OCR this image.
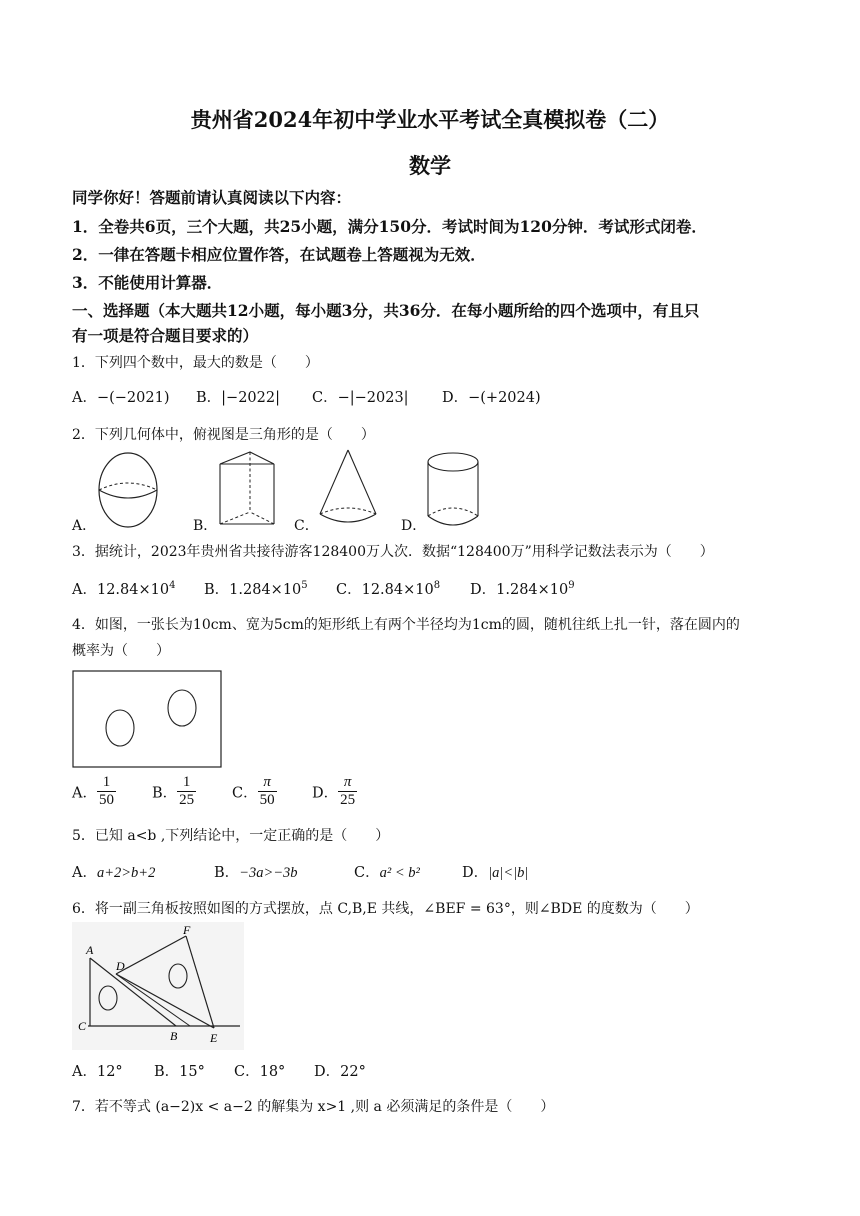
贵州省2024年初中学业水平考试全真模拟卷（二）
数学
同学你好！答题前请认真阅读以下内容：
1．全卷共6页，三个大题，共25小题，满分150分．考试时间为120分钟．考试形式闭卷．
2．一律在答题卡相应位置作答，在试题卷上答题视为无效．
3．不能使用计算器．
一、选择题（本大题共12小题，每小题3分，共36分．在每小题所给的四个选项中，有且只
有一项是符合题目要求的）
1．下列四个数中，最大的数是（　　）
A．−(−2021) B．|−2022| C．−|−2023| D．−(+2024)
2．下列几何体中，俯视图是三角形的是（　　）
A．	B．	C．	D．
3．据统计，2023年贵州省共接待游客128400万人次．数据“128400万”用科学记数法表示为（　　）
A．$12.84\times 10^4$ B．$1.284\times 10^5$ C．$12.84\times 10^8$ D．$1.284\times 10^9$
4．如图，一张长为10cm、宽为5cm的矩形纸上有两个半径均为1cm的圆，随机往纸上扎一针，落在圆内的
概率为（　　）
A． $\frac{1}{50}$ B． $\frac{1}{25}$ C． $\frac{\pi}{50}$ D． $\frac{\pi}{25}$
5．已知 a<b ,下列结论中，一定正确的是（　　）
A．a+2>b+2	B．−3a>−3b	C．a² < b²	D．|a|<|b|
6．将一副三角板按照如图的方式摆放，点 C,B,E 共线，∠BEF = 63°，则∠BDE 的度数为（　　）
A
F
D
C
B	E
A．12° B．15° C．18° D．22°
7．若不等式 (a−2)x < a−2 的解集为 x>1 ,则 a 必须满足的条件是（　　）
